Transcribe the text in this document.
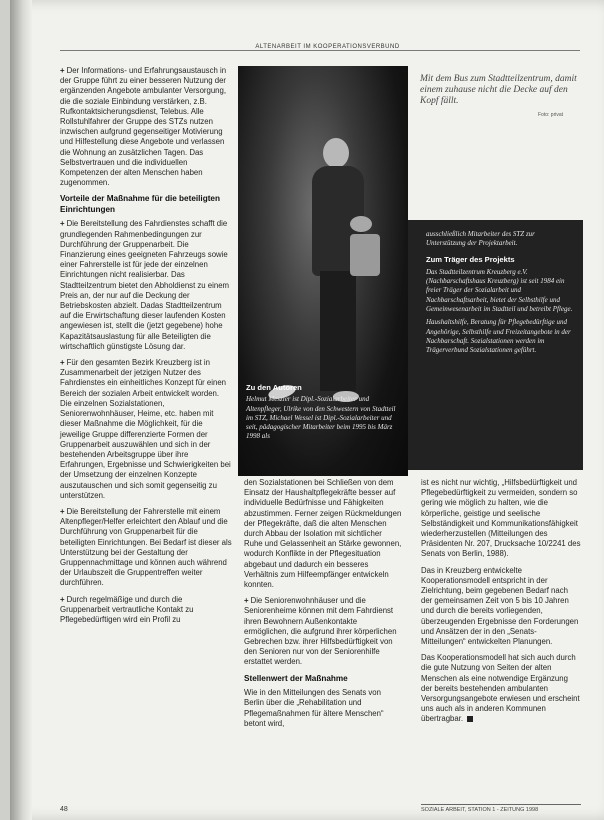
ALTENARBEIT IM KOOPERATIONSVERBUND

+ Der Informations- und Erfahrungsaustausch in der Gruppe führt zu einer besseren Nutzung der ergänzenden Angebote ambulanter Versorgung, die die soziale Einbindung verstärken, z.B. Rufkontaktsicherungsdienst, Telebus. Alle Rollstuhlfahrer der Gruppe des STZs nutzen inzwischen aufgrund gegenseitiger Motivierung und Hilfestellung diese Angebote und verlassen die Wohnung an zusätzlichen Tagen. Das Selbstvertrauen und die individuellen Kompetenzen der alten Menschen haben zugenommen.

Vorteile der Maßnahme für die beteiligten Einrichtungen

+ Die Bereitstellung des Fahrdienstes schafft die grundlegenden Rahmenbedingungen zur Durchführung der Gruppenarbeit. Die Finanzierung eines geeigneten Fahrzeugs sowie einer Fahrerstelle ist für jede der einzelnen Einrichtungen nicht realisierbar. Das Stadtteilzentrum bietet den Abholdienst zu einem Preis an, der nur auf die Deckung der Betriebskosten abzielt. Dadas Stadtteilzentrum auf die Erwirtschaftung dieser laufenden Kosten angewiesen ist, stellt die (jetzt gegebene) hohe Kapazitätsauslastung für alle Beteiligten die wirtschaftlich günstigste Lösung dar.

+ Für den gesamten Bezirk Kreuzberg ist in Zusammenarbeit der jetzigen Nutzer des Fahrdienstes ein einheitliches Konzept für einen Bereich der sozialen Arbeit entwickelt worden. Die einzelnen Sozialstationen, Seniorenwohnhäuser, Heime, etc. haben mit dieser Maßnahme die Möglichkeit, für die jeweilige Gruppe differenzierte Formen der Gruppenarbeit auszuwählen und sich in der bestehenden Arbeitsgruppe über ihre Erfahrungen, Ergebnisse und Schwierigkeiten bei der Umsetzung der einzelnen Konzepte auszutauschen und sich somit gegenseitig zu unterstützen.

+ Die Bereitstellung der Fahrerstelle mit einem Altenpfleger/Helfer erleichtert den Ablauf und die Durchführung von Gruppenarbeit für die beteiligten Einrichtungen. Bei Bedarf ist dieser als Unterstützung bei der Gestaltung der Gruppennachmittage und können auch während der Urlaubszeit die Gruppentreffen weiter durchführen.

+ Durch regelmäßige und durch die Gruppenarbeit vertrautliche Kontakt zu Pflegebedürftigen wird ein Profil zu

Zu den Autoren
Helmut Meszler ist Dipl.-Sozialarbeiter und Altenpfleger, Ulrike von den Schwestern von Stadtteil im STZ, Michael Wessel ist Dipl.-Sozialarbeiter und seit, pädagogischer Mitarbeiter beim 1995 bis März 1998 als
Mit dem Bus zum Stadtteilzentrum, damit einem zuhause nicht die Decke auf den Kopf fällt.
Foto: privat

ausschließlich Mitarbeiter des STZ zur Unterstützung der Projektarbeit.

Zum Träger des Projekts

Das Stadtteilzentrum Kreuzberg e.V. (Nachbarschaftshaus Kreuzberg) ist seit 1984 ein freier Träger der Sozialarbeit und Nachbarschaftsarbeit, bietet der Selbsthilfe und Gemeinwesenarbeit im Stadtteil und betreibt Pflege.

Haushaltshilfe, Beratung für Pflegebedürftige und Angehörige, Selbsthilfe und Freizeitangebote in der Nachbarschaft. Sozialstationen werden im Trägerverbund Sozialstationen geführt.

den Sozialstationen bei Schließen von dem Einsatz der Haushaltpflegekräfte besser auf individuelle Bedürfnisse und Fähigkeiten abzustimmen. Ferner zeigen Rückmeldungen der Pflegekräfte, daß die alten Menschen durch Abbau der Isolation mit sichtlicher Ruhe und Gelassenheit an Stärke gewonnen, wodurch Konflikte in der Pflegesituation abgebaut und dadurch ein besseres Verhältnis zum Hilfeempfänger entwickeln konnten.

+ Die Seniorenwohnhäuser und die Seniorenheime können mit dem Fahrdienst ihren Bewohnern Außenkontakte ermöglichen, die aufgrund ihrer körperlichen Gebrechen bzw. ihrer Hilfsbedürftigkeit von den Senioren nur von der Seniorenhilfe erstattet werden.

Stellenwert der Maßnahme

Wie in den Mitteilungen des Senats von Berlin über die „Rehabilitation und Pflegemaßnahmen für ältere Menschen“ betont wird,

ist es nicht nur wichtig, „Hilfsbedürftigkeit und Pflegebedürftigkeit zu vermeiden, sondern so gering wie möglich zu halten, wie die körperliche, geistige und seelische Selbständigkeit und Kommunikationsfähigkeit wiederherzustellen (Mitteilungen des Präsidenten Nr. 207, Drucksache 10/2241 des Senats von Berlin, 1988).

Das in Kreuzberg entwickelte Kooperationsmodell entspricht in der Zielrichtung, beim gegebenen Bedarf nach der gemeinsamen Zeit von 5 bis 10 Jahren und durch die bereits vorliegenden, überzeugenden Ergebnisse den Forderungen und Ansätzen der in den „Senats-Mitteilungen“ entwickelten Planungen.

Das Kooperationsmodell hat sich auch durch die gute Nutzung von Seiten der alten Menschen als eine notwendige Ergänzung der bereits bestehenden ambulanten Versorgungsangebote erwiesen und erscheint uns auch als in anderen Kommunen übertragbar.

48	SOZIALE ARBEIT, STATION 1 - ZEITUNG 1998
